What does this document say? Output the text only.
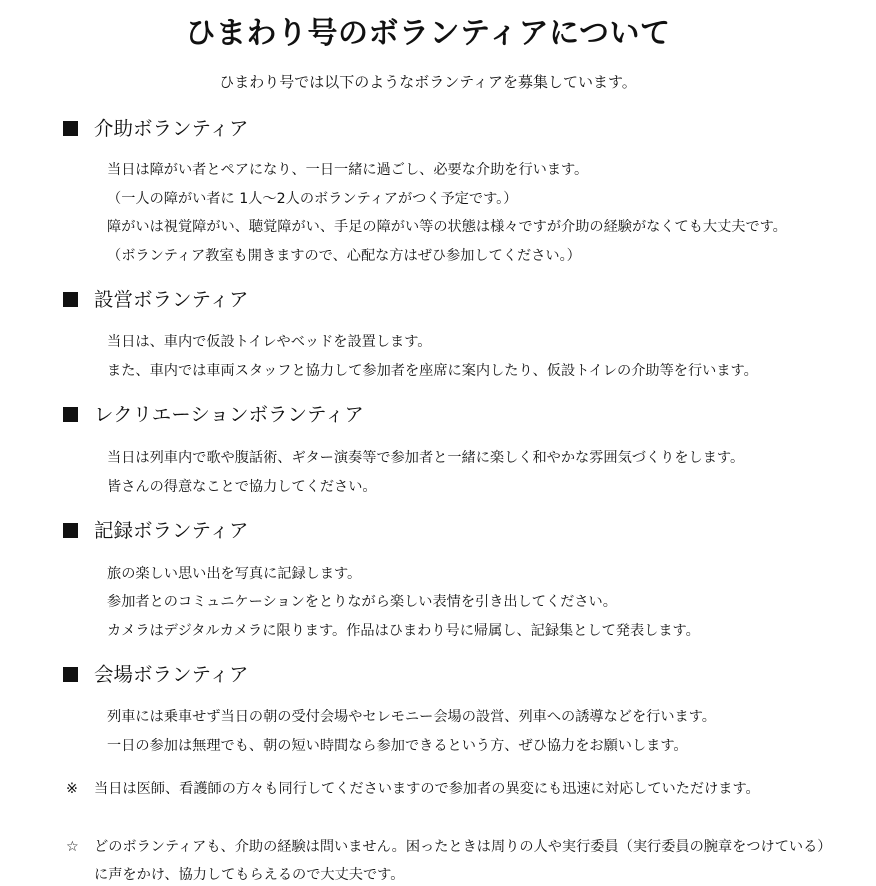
ひまわり号のボランティアについて
ひまわり号では以下のようなボランティアを募集しています。
介助ボランティア
当日は障がい者とペアになり、一日一緒に過ごし、必要な介助を行います。
（一人の障がい者に 1人～2人のボランティアがつく予定です。）
障がいは視覚障がい、聴覚障がい、手足の障がい等の状態は様々ですが介助の経験がなくても大丈夫です。
（ボランティア教室も開きますので、心配な方はぜひ参加してください。）
設営ボランティア
当日は、車内で仮設トイレやベッドを設置します。
また、車内では車両スタッフと協力して参加者を座席に案内したり、仮設トイレの介助等を行います。
レクリエーションボランティア
当日は列車内で歌や腹話術、ギター演奏等で参加者と一緒に楽しく和やかな雰囲気づくりをします。
皆さんの得意なことで協力してください。
記録ボランティア
旅の楽しい思い出を写真に記録します。
参加者とのコミュニケーションをとりながら楽しい表情を引き出してください。
カメラはデジタルカメラに限ります。作品はひまわり号に帰属し、記録集として発表します。
会場ボランティア
列車には乗車せず当日の朝の受付会場やセレモニー会場の設営、列車への誘導などを行います。
一日の参加は無理でも、朝の短い時間なら参加できるという方、ぜひ協力をお願いします。
※ 当日は医師、看護師の方々も同行してくださいますので参加者の異変にも迅速に対応していただけます。
☆ どのボランティアも、介助の経験は問いません。困ったときは周りの人や実行委員（実行委員の腕章をつけている）
に声をかけ、協力してもらえるので大丈夫です。
